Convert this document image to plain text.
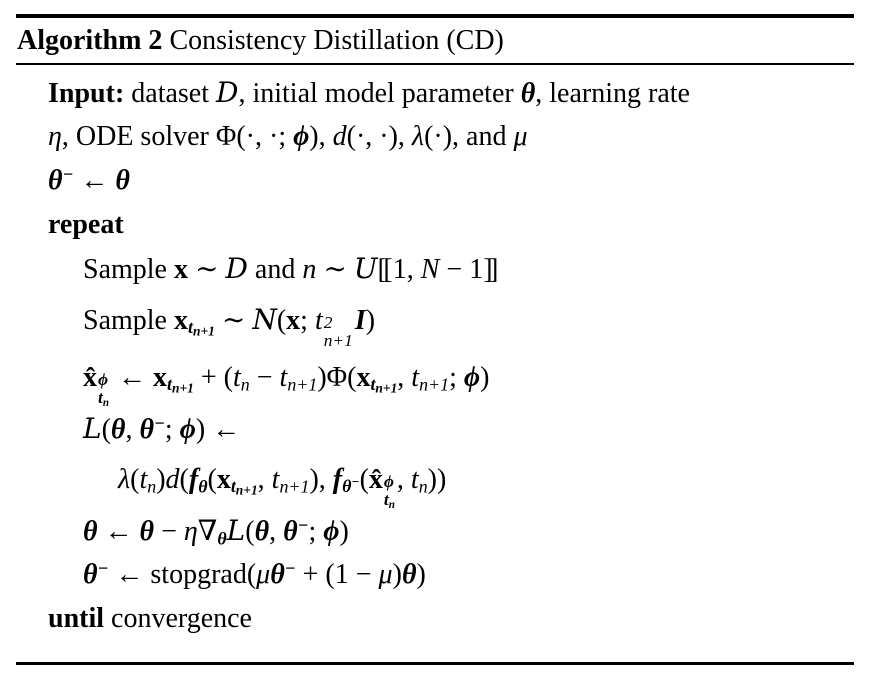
Algorithm 2 Consistency Distillation (CD)
Input: dataset D, initial model parameter θ, learning rate
η, ODE solver Φ(·, ·; ϕ), d(·, ·), λ(·), and μ
θ− ← θ
repeat
Sample x ∼ D and n ∼ U[[ 1, N − 1]]
Sample $x_{t_{n+1}}$ ∼ N(x; t 2
n+1
I)
x̂ ϕ
$t_n$
← $x_{t_{n+1}} + (t_n - t_{n+1})\Phi(x_{t_{n+1}}$, $t_{n+1}$; ϕ)
L(θ, θ−; ϕ) ←
$\lambda(t_n)d(f_\theta(x_{t_{n+1}}$, $t_{n+1}$), $f_{\theta^-}(x̂$ ϕ
$t_n$
, $t_n$))
θ ← $\theta - \eta\nabla_\theta L(\theta$, θ−; ϕ)
θ− ← stopgrad(μθ− + (1 − μ)θ)
until convergence
